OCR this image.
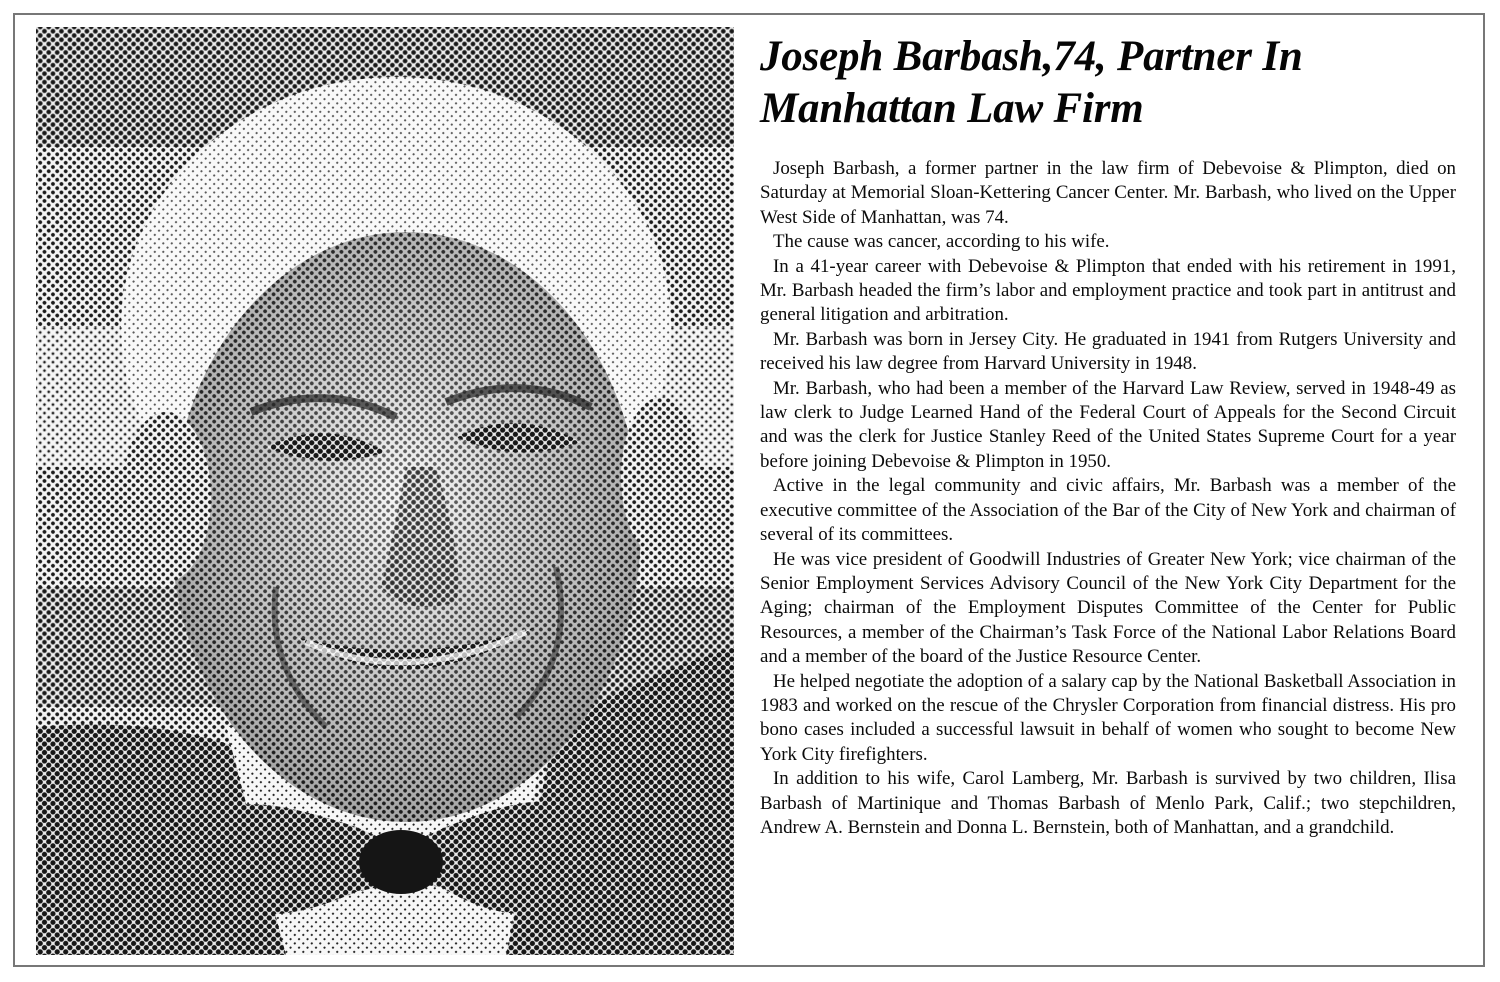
Joseph Barbash,74, Partner In Manhattan Law Firm

Joseph Barbash, a former partner in the law firm of Debevoise & Plimpton, died on Saturday at Memorial Sloan-Kettering Cancer Center. Mr. Barbash, who lived on the Upper West Side of Manhattan, was 74.

The cause was cancer, according to his wife.

In a 41-year career with Debevoise & Plimpton that ended with his retirement in 1991, Mr. Barbash headed the firm’s labor and employment practice and took part in antitrust and general litigation and arbitration.

Mr. Barbash was born in Jersey City. He graduated in 1941 from Rutgers University and received his law degree from Harvard University in 1948.

Mr. Barbash, who had been a member of the Harvard Law Review, served in 1948-49 as law clerk to Judge Learned Hand of the Federal Court of Appeals for the Second Circuit and was the clerk for Justice Stanley Reed of the United States Supreme Court for a year before joining Debevoise & Plimpton in 1950.

Active in the legal community and civic affairs, Mr. Barbash was a member of the executive committee of the Association of the Bar of the City of New York and chairman of several of its committees.

He was vice president of Goodwill Industries of Greater New York; vice chairman of the Senior Employment Services Advisory Council of the New York City Department for the Aging; chairman of the Employment Disputes Committee of the Center for Public Resources, a member of the Chairman’s Task Force of the National Labor Relations Board and a member of the board of the Justice Resource Center.

He helped negotiate the adoption of a salary cap by the National Basketball Association in 1983 and worked on the rescue of the Chrysler Corporation from financial distress. His pro bono cases included a successful lawsuit in behalf of women who sought to become New York City firefighters.

In addition to his wife, Carol Lamberg, Mr. Barbash is survived by two children, Ilisa Barbash of Martinique and Thomas Barbash of Menlo Park, Calif.; two stepchildren, Andrew A. Bernstein and Donna L. Bernstein, both of Manhattan, and a grandchild.
